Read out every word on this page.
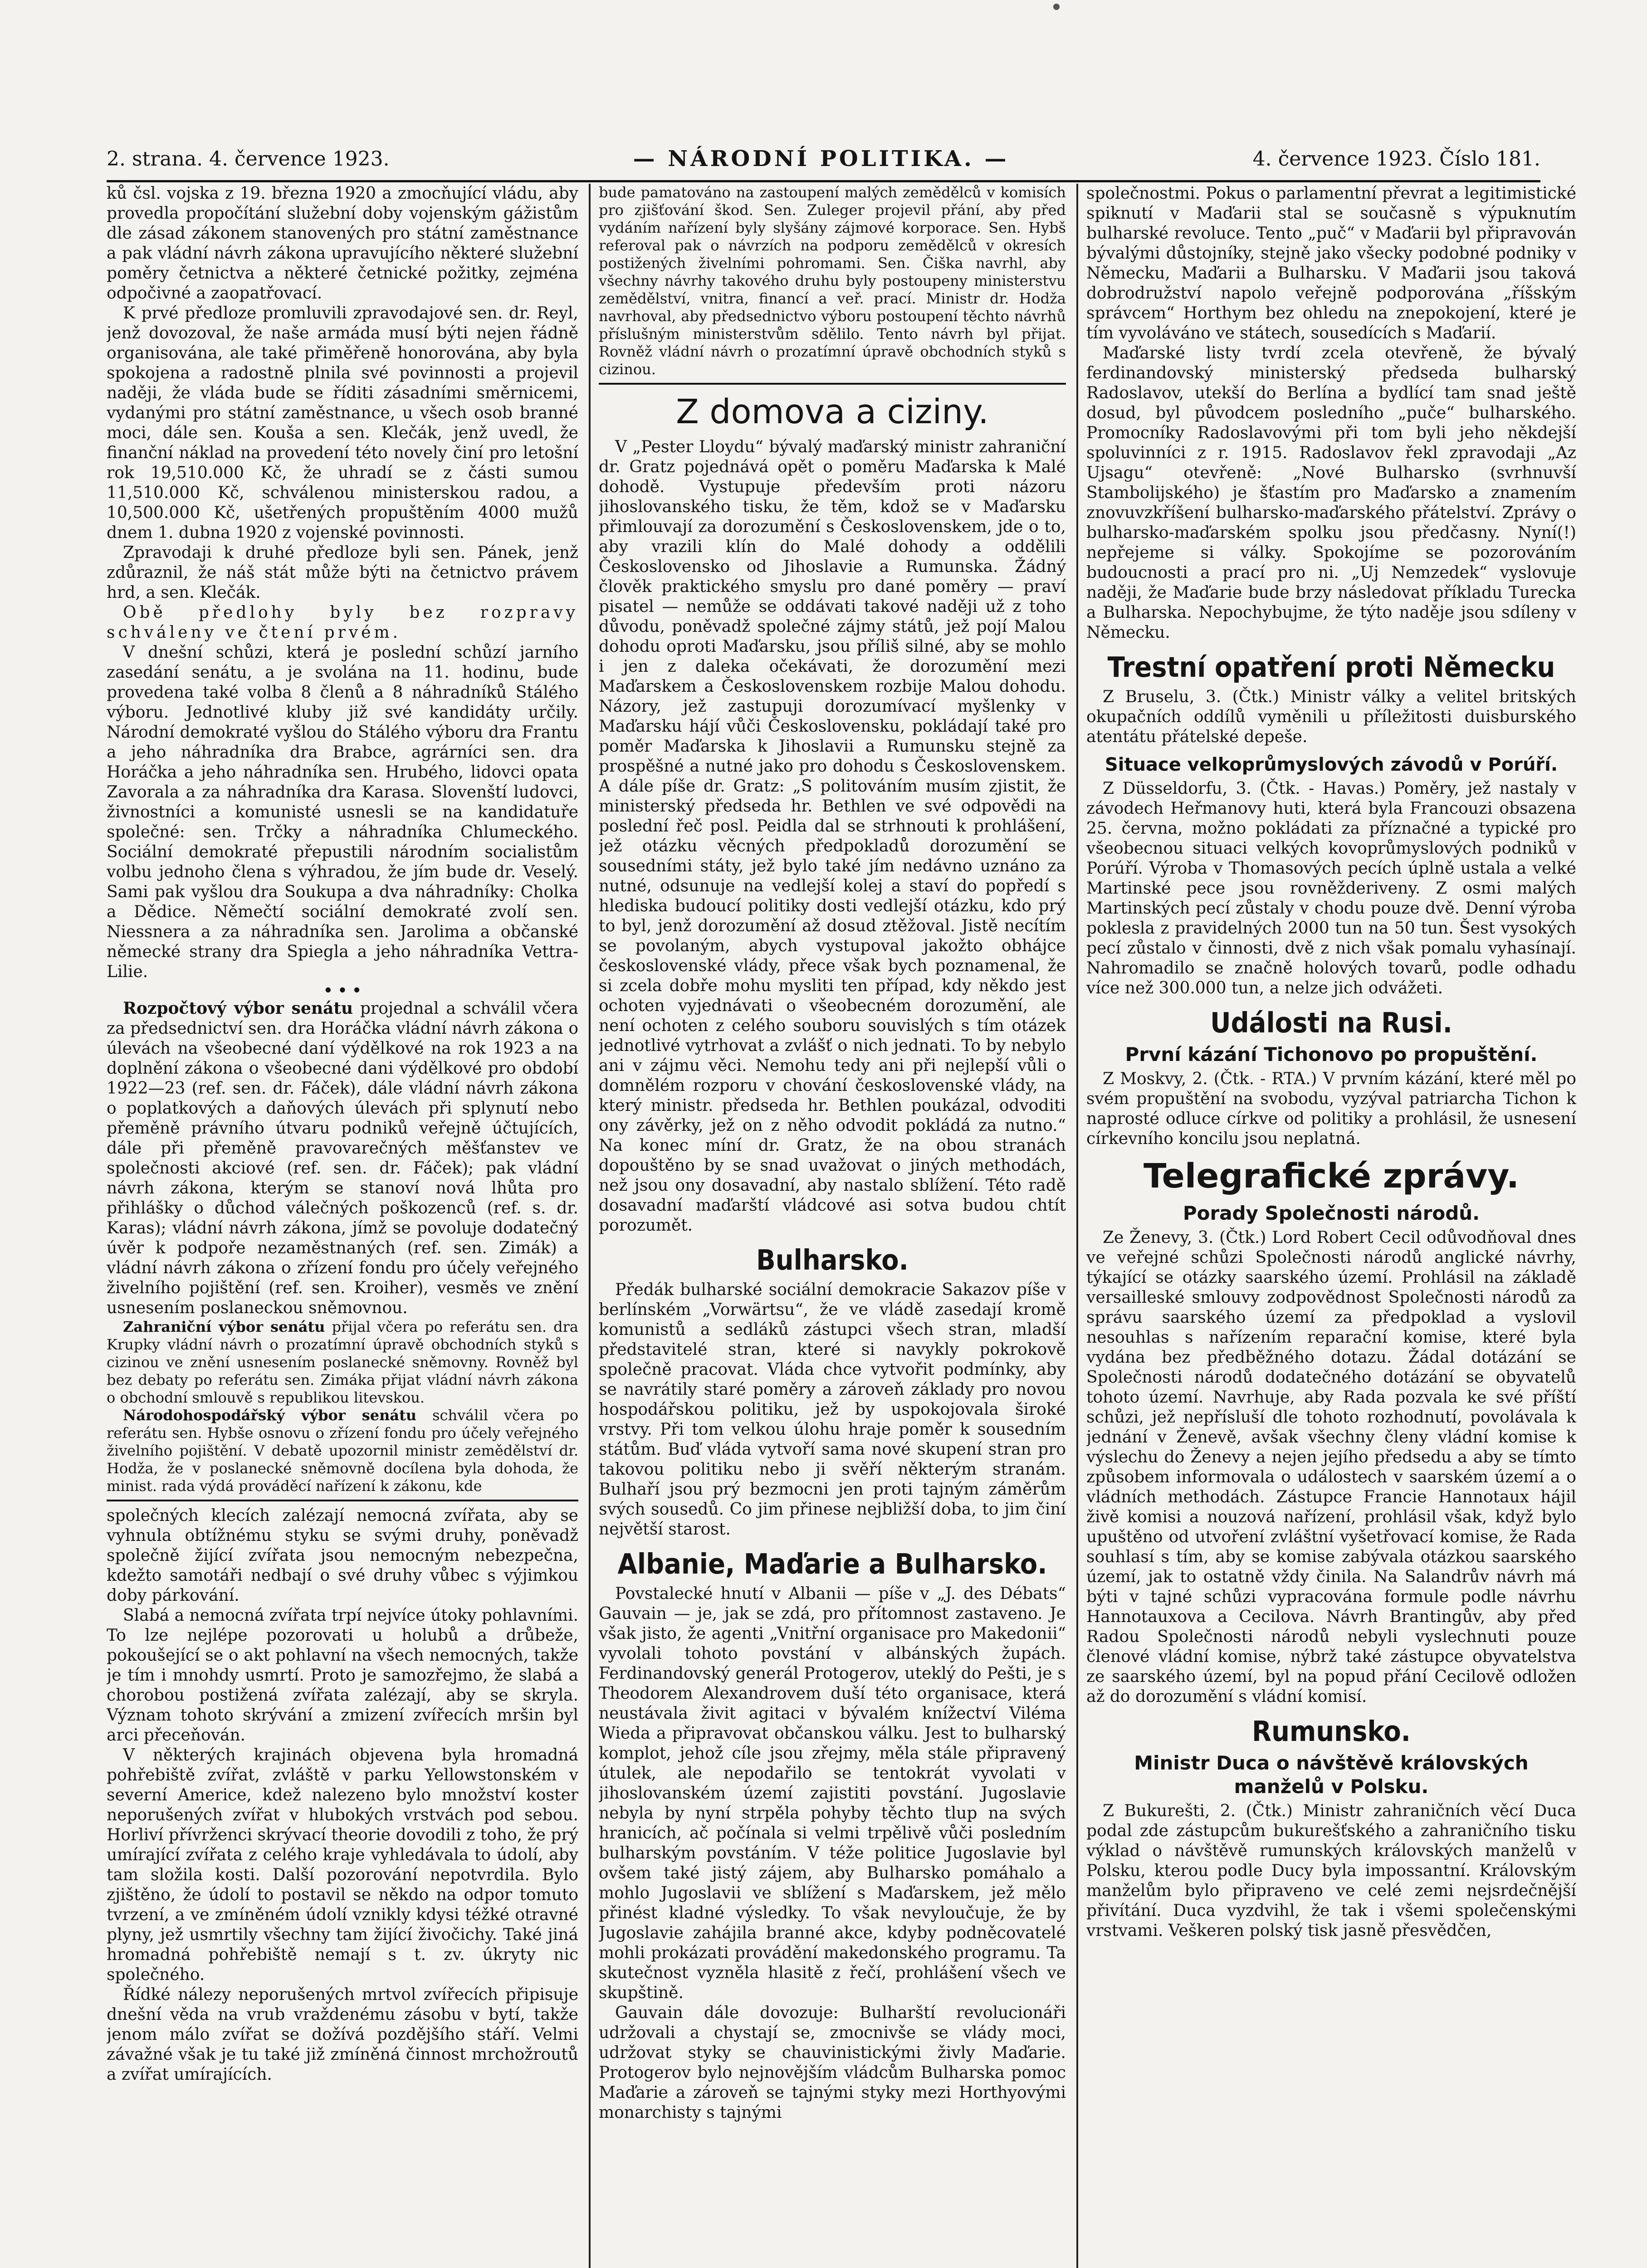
2. strana. 4. července 1923.	— NÁRODNÍ POLITIKA. —	4. července 1923. Číslo 181.

ků čsl. vojska z 19. března 1920 a zmocňující vládu, aby provedla propočítání služební doby vojenským gážistům dle zásad zákonem stanovených pro státní zaměstnance a pak vládní návrh zákona upravujícího některé služební poměry četnictva a některé četnické požitky, zejména odpočivné a zaopatřovací.

K prvé předloze promluvili zpravodajové sen. dr. Reyl, jenž dovozoval, že naše armáda musí býti nejen řádně organisována, ale také přiměřeně honorována, aby byla spokojena a radostně plnila své povinnosti a projevil naději, že vláda bude se říditi zásadními směrnicemi, vydanými pro státní zaměstnance, u všech osob branné moci, dále sen. Kouša a sen. Klečák, jenž uvedl, že finanční náklad na provedení této novely činí pro letošní rok 19,510.000 Kč, že uhradí se z části sumou 11,510.000 Kč, schválenou ministerskou radou, a 10,500.000 Kč, ušetřených propuštěním 4000 mužů dnem 1. dubna 1920 z vojenské povinnosti.

Zpravodaji k druhé předloze byli sen. Pánek, jenž zdůraznil, že náš stát může býti na četnictvo právem hrd, a sen. Klečák.

Obě předlohy byly bez rozpravy schváleny ve čtení prvém.

V dnešní schůzi, která je poslední schůzí jarního zasedání senátu, a je svolána na 11. hodinu, bude provedena také volba 8 členů a 8 náhradníků Stálého výboru. Jednotlivé kluby již své kandidáty určily. Národní demokraté vyšlou do Stálého výboru dra Frantu a jeho náhradníka dra Brabce, agrárníci sen. dra Horáčka a jeho náhradníka sen. Hrubého, lidovci opata Zavorala a za náhradníka dra Karasa. Slovenští ludovci, živnostníci a komunisté usnesli se na kandidatuře společné: sen. Trčky a náhradníka Chlumeckého. Sociální demokraté přepustili národním socialistům volbu jednoho člena s výhradou, že jím bude dr. Veselý. Sami pak vyšlou dra Soukupa a dva náhradníky: Cholka a Dědice. Němečtí sociální demokraté zvolí sen. Niessnera a za náhradníka sen. Jarolima a občanské německé strany dra Spiegla a jeho náhradníka Vettra-Lilie.

• • •

Rozpočtový výbor senátu projednal a schválil včera za předsednictví sen. dra Horáčka vládní návrh zákona o úlevách na všeobecné daní výdělkové na rok 1923 a na doplnění zákona o všeobecné dani výdělkové pro období 1922—23 (ref. sen. dr. Fáček), dále vládní návrh zákona o poplatkových a daňových úlevách při splynutí nebo přeměně právního útvaru podniků veřejně účtujících, dále při přeměně pravovarečných měšťanstev ve společnosti akciové (ref. sen. dr. Fáček); pak vládní návrh zákona, kterým se stanoví nová lhůta pro přihlášky o důchod válečných poškozenců (ref. s. dr. Karas); vládní návrh zákona, jímž se povoluje dodatečný úvěr k podpoře nezaměstnaných (ref. sen. Zimák) a vládní návrh zákona o zřízení fondu pro účely veřejného živelního pojištění (ref. sen. Kroiher), vesměs ve znění usnesením poslaneckou sněmovnou.

Zahraniční výbor senátu přijal včera po referátu sen. dra Krupky vládní návrh o prozatímní úpravě obchodních styků s cizinou ve znění usnesením poslanecké sněmovny. Rovněž byl bez debaty po referátu sen. Zimáka přijat vládní návrh zákona o obchodní smlouvě s republikou litevskou.

Národohospodářský výbor senátu schválil včera po referátu sen. Hybše osnovu o zřízení fondu pro účely veřejného živelního pojištění. V debatě upozornil ministr zemědělství dr. Hodža, že v poslanecké sněmovně docílena byla dohoda, že minist. rada výdá prováděcí nařízení k zákonu, kde

společných klecích zalézají nemocná zvířata, aby se vyhnula obtížnému styku se svými druhy, poněvadž společně žijící zvířata jsou nemocným nebezpečna, kdežto samotáři nedbají o své druhy vůbec s výjimkou doby párkování.

Slabá a nemocná zvířata trpí nejvíce útoky pohlavními. To lze nejlépe pozorovati u holubů a drůbeže, pokoušející se o akt pohlavní na všech nemocných, takže je tím i mnohdy usmrtí. Proto je samozřejmo, že slabá a chorobou postižená zvířata zalézají, aby se skryla. Význam tohoto skrývání a zmizení zvířecích mršin byl arci přeceňován.

V některých krajinách objevena byla hromadná pohřebiště zvířat, zvláště v parku Yellowstonském v severní Americe, kdež nalezeno bylo množství koster neporušených zvířat v hlubokých vrstvách pod sebou. Horliví přívrženci skrývací theorie dovodili z toho, že prý umírající zvířata z celého kraje vyhledávala to údolí, aby tam složila kosti. Další pozorování nepotvrdila. Bylo zjištěno, že údolí to postavil se někdo na odpor tomuto tvrzení, a ve zmíněném údolí vznikly kdysi téžké otravné plyny, jež usmrtily všechny tam žijící živočichy. Také jiná hromadná pohřebiště nemají s t. zv. úkryty nic společného.

Řídké nálezy neporušených mrtvol zvířecích připisuje dnešní věda na vrub vraždenému zásobu v bytí, takže jenom málo zvířat se dožívá pozdějšího stáří. Velmi závažné však je tu také již zmíněná činnost mrchožroutů a zvířat umírajících.

bude pamatováno na zastoupení malých zemědělců v komisích pro zjišťování škod. Sen. Zuleger projevil přání, aby před vydáním nařízení byly slyšány zájmové korporace. Sen. Hybš referoval pak o návrzích na podporu zemědělců v okresích postižených živelními pohromami. Sen. Čiška navrhl, aby všechny návrhy takového druhu byly postoupeny ministerstvu zemědělství, vnitra, financí a veř. prací. Ministr dr. Hodža navrhoval, aby předsednictvo výboru postoupení těchto návrhů příslušným ministerstvům sdělilo. Tento návrh byl přijat. Rovněž vládní návrh o prozatímní úpravě obchodních styků s cizinou.

Z domova a ciziny.

V „Pester Lloydu“ bývalý maďarský ministr zahraniční dr. Gratz pojednává opět o poměru Maďarska k Malé dohodě. Vystupuje především proti názoru jihoslovanského tisku, že těm, kdož se v Maďarsku přimlouvají za dorozumění s Československem, jde o to, aby vrazili klín do Malé dohody a oddělili Československo od Jihoslavie a Rumunska. Žádný člověk praktického smyslu pro dané poměry — praví pisatel — nemůže se oddávati takové naději už z toho důvodu, poněvadž společné zájmy států, jež pojí Malou dohodu oproti Maďarsku, jsou příliš silné, aby se mohlo i jen z daleka očekávati, že dorozumění mezi Maďarskem a Československem rozbije Malou dohodu. Názory, jež zastupuji dorozumívací myšlenky v Maďarsku hájí vůči Československu, pokládají také pro poměr Maďarska k Jihoslavii a Rumunsku stejně za prospěšné a nutné jako pro dohodu s Československem. A dále píše dr. Gratz: „S politováním musím zjistit, že ministerský předseda hr. Bethlen ve své odpovědi na poslední řeč posl. Peidla dal se strhnouti k prohlášení, jež otázku věcných předpokladů dorozumění se sousedními státy, jež bylo také jím nedávno uznáno za nutné, odsunuje na vedlejší kolej a staví do popředí s hlediska budoucí politiky dosti vedlejší otázku, kdo prý to byl, jenž dorozumění až dosud ztěžoval. Jistě necítím se povolaným, abych vystupoval jakožto obhájce československé vlády, přece však bych poznamenal, že si zcela dobře mohu mysliti ten případ, kdy někdo jest ochoten vyjednávati o všeobecném dorozumění, ale není ochoten z celého souboru souvislých s tím otázek jednotlivé vytrhovat a zvlášť o nich jednati. To by nebylo ani v zájmu věci. Nemohu tedy ani při nejlepší vůli o domnělém rozporu v chování československé vlády, na který ministr. předseda hr. Bethlen poukázal, odvoditi ony závěrky, jež on z něho odvodit pokládá za nutno.“ Na konec míní dr. Gratz, že na obou stranách dopouštěno by se snad uvažovat o jiných methodách, než jsou ony dosavadní, aby nastalo sblížení. Této radě dosavadní maďarští vládcové asi sotva budou chtít porozumět.

Bulharsko.

Předák bulharské sociální demokracie Sakazov píše v berlínském „Vorwärtsu“, že ve vládě zasedají kromě komunistů a sedláků zástupci všech stran, mladší představitelé stran, které si navykly pokrokově společně pracovat. Vláda chce vytvořit podmínky, aby se navrátily staré poměry a zároveň základy pro novou hospodářskou politiku, jež by uspokojovala široké vrstvy. Při tom velkou úlohu hraje poměr k sousedním státům. Buď vláda vytvoří sama nové skupení stran pro takovou politiku nebo ji svěří některým stranám. Bulhaří jsou prý bezmocni jen proti tajným záměrům svých sousedů. Co jim přinese nejbližší doba, to jim činí největší starost.

Albanie, Maďarie a Bulharsko.

Povstalecké hnutí v Albanii — píše v „J. des Débats“ Gauvain — je, jak se zdá, pro přítomnost zastaveno. Je však jisto, že agenti „Vnitřní organisace pro Makedonii“ vyvolali tohoto povstání v albánských župách. Ferdinandovský generál Protogerov, uteklý do Pešti, je s Theodorem Alexandrovem duší této organisace, která neustávala živit agitaci v bývalém knížectví Viléma Wieda a připravovat občanskou válku. Jest to bulharský komplot, jehož cíle jsou zřejmy, měla stále připravený útulek, ale nepodařilo se tentokrát vyvolati v jihoslovanském území zajistiti povstání. Jugoslavie nebyla by nyní strpěla pohyby těchto tlup na svých hranicích, ač počínala si velmi trpělivě vůči posledním bulharským povstáním. V téže politice Jugoslavie byl ovšem také jistý zájem, aby Bulharsko pomáhalo a mohlo Jugoslavii ve sblížení s Maďarskem, jež mělo přinést kladné výsledky. To však nevyloučuje, že by Jugoslavie zahájila branné akce, kdyby podněcovatelé mohli prokázati provádění makedonského programu. Ta skutečnost vyzněla hlasitě z řečí, prohlášení všech ve skupštině.

Gauvain dále dovozuje: Bulharští revolucionáři udržovali a chystají se, zmocnivše se vlády moci, udržovat styky se chauvinistickými živly Maďarie. Protogerov bylo nejnovějším vládcům Bulharska pomoc Maďarie a zároveň se tajnými styky mezi Horthyovými monarchisty s tajnými

společnostmi. Pokus o parlamentní převrat a legitimistické spiknutí v Maďarii stal se současně s výpuknutím bulharské revoluce. Tento „puč“ v Maďarii byl připravován bývalými důstojníky, stejně jako všecky podobné podniky v Německu, Maďarii a Bulharsku. V Maďarii jsou taková dobrodružství napolo veřejně podporována „říšským správcem“ Horthym bez ohledu na znepokojení, které je tím vyvoláváno ve státech, sousedících s Maďarií.

Maďarské listy tvrdí zcela otevřeně, že bývalý ferdinandovský ministerský předseda bulharský Radoslavov, utekší do Berlína a bydlící tam snad ještě dosud, byl původcem posledního „puče“ bulharského. Promocníky Radoslavovými při tom byli jeho někdejší spoluvinníci z r. 1915. Radoslavov řekl zpravodaji „Az Ujsagu“ otevřeně: „Nové Bulharsko (svrhnuvší Stambolijského) je šťastím pro Maďarsko a znamením znovuvzkříšení bulharsko-maďarského přátelství. Zprávy o bulharsko-maďarském spolku jsou předčasny. Nyní(!) nepřejeme si války. Spokojíme se pozorováním budoucnosti a prací pro ni. „Uj Nemzedek“ vyslovuje naději, že Maďarie bude brzy následovat příkladu Turecka a Bulharska. Nepochybujme, že týto naděje jsou sdíleny v Německu.

Trestní opatření proti Německu

Z Bruselu, 3. (Čtk.) Ministr války a velitel britských okupačních oddílů vyměnili u příležitosti duisburského atentátu přátelské depeše.

Situace velkoprůmyslových závodů v Porúří.

Z Düsseldorfu, 3. (Čtk. - Havas.) Poměry, jež nastaly v závodech Heřmanovy huti, která byla Francouzi obsazena 25. června, možno pokládati za příznačné a typické pro všeobecnou situaci velkých kovoprůmyslových podniků v Porúří. Výroba v Thomasových pecích úplně ustala a velké Martinské pece jsou rovněžderiveny. Z osmi malých Martinských pecí zůstaly v chodu pouze dvě. Denní výroba poklesla z pravidelných 2000 tun na 50 tun. Šest vysokých pecí zůstalo v činnosti, dvě z nich však pomalu vyhasínají. Nahromadilo se značně holových tovarů, podle odhadu více než 300.000 tun, a nelze jich odvážeti.

Události na Rusi.
První kázání Tichonovo po propuštění.

Z Moskvy, 2. (Čtk. - RTA.) V prvním kázání, které měl po svém propuštění na svobodu, vyzýval patriarcha Tichon k naprosté odluce církve od politiky a prohlásil, že usnesení církevního koncilu jsou neplatná.

Telegrafické zprávy.
Porady Společnosti národů.

Ze Ženevy, 3. (Čtk.) Lord Robert Cecil odůvodňoval dnes ve veřejné schůzi Společnosti národů anglické návrhy, týkající se otázky saarského území. Prohlásil na základě versailleské smlouvy zodpovědnost Společnosti národů za správu saarského území za předpoklad a vyslovil nesouhlas s nařízením reparační komise, které byla vydána bez předběžného dotazu. Žádal dotázání se Společnosti národů dodatečného dotázání se obyvatelů tohoto území. Navrhuje, aby Rada pozvala ke své příští schůzi, jež nepřísluší dle tohoto rozhodnutí, povolávala k jednání v Ženevě, avšak všechny členy vládní komise k výslechu do Ženevy a nejen jejího předsedu a aby se tímto způsobem informovala o událostech v saarském území a o vládních methodách. Zástupce Francie Hannotaux hájil živě komisi a nouzová nařízení, prohlásil však, když bylo upuštěno od utvoření zvláštní vyšetřovací komise, že Rada souhlasí s tím, aby se komise zabývala otázkou saarského území, jak to ostatně vždy činila. Na Salandrův návrh má býti v tajné schůzi vypracována formule podle návrhu Hannotauxova a Cecilova. Návrh Brantingův, aby před Radou Společnosti národů nebyli vyslechnuti pouze členové vládní komise, nýbrž také zástupce obyvatelstva ze saarského území, byl na popud přání Cecilově odložen až do dorozumění s vládní komisí.

Rumunsko.
Ministr Duca o návštěvě královských manželů v Polsku.

Z Bukurešti, 2. (Čtk.) Ministr zahraničních věcí Duca podal zde zástupcům bukurešťského a zahraničního tisku výklad o návštěvě rumunských královských manželů v Polsku, kterou podle Ducy byla impossantní. Královským manželům bylo připraveno ve celé zemi nejsrdečnější přivítání. Duca vyzdvihl, že tak i všemi společenskými vrstvami. Veškeren polský tisk jasně přesvědčen,
